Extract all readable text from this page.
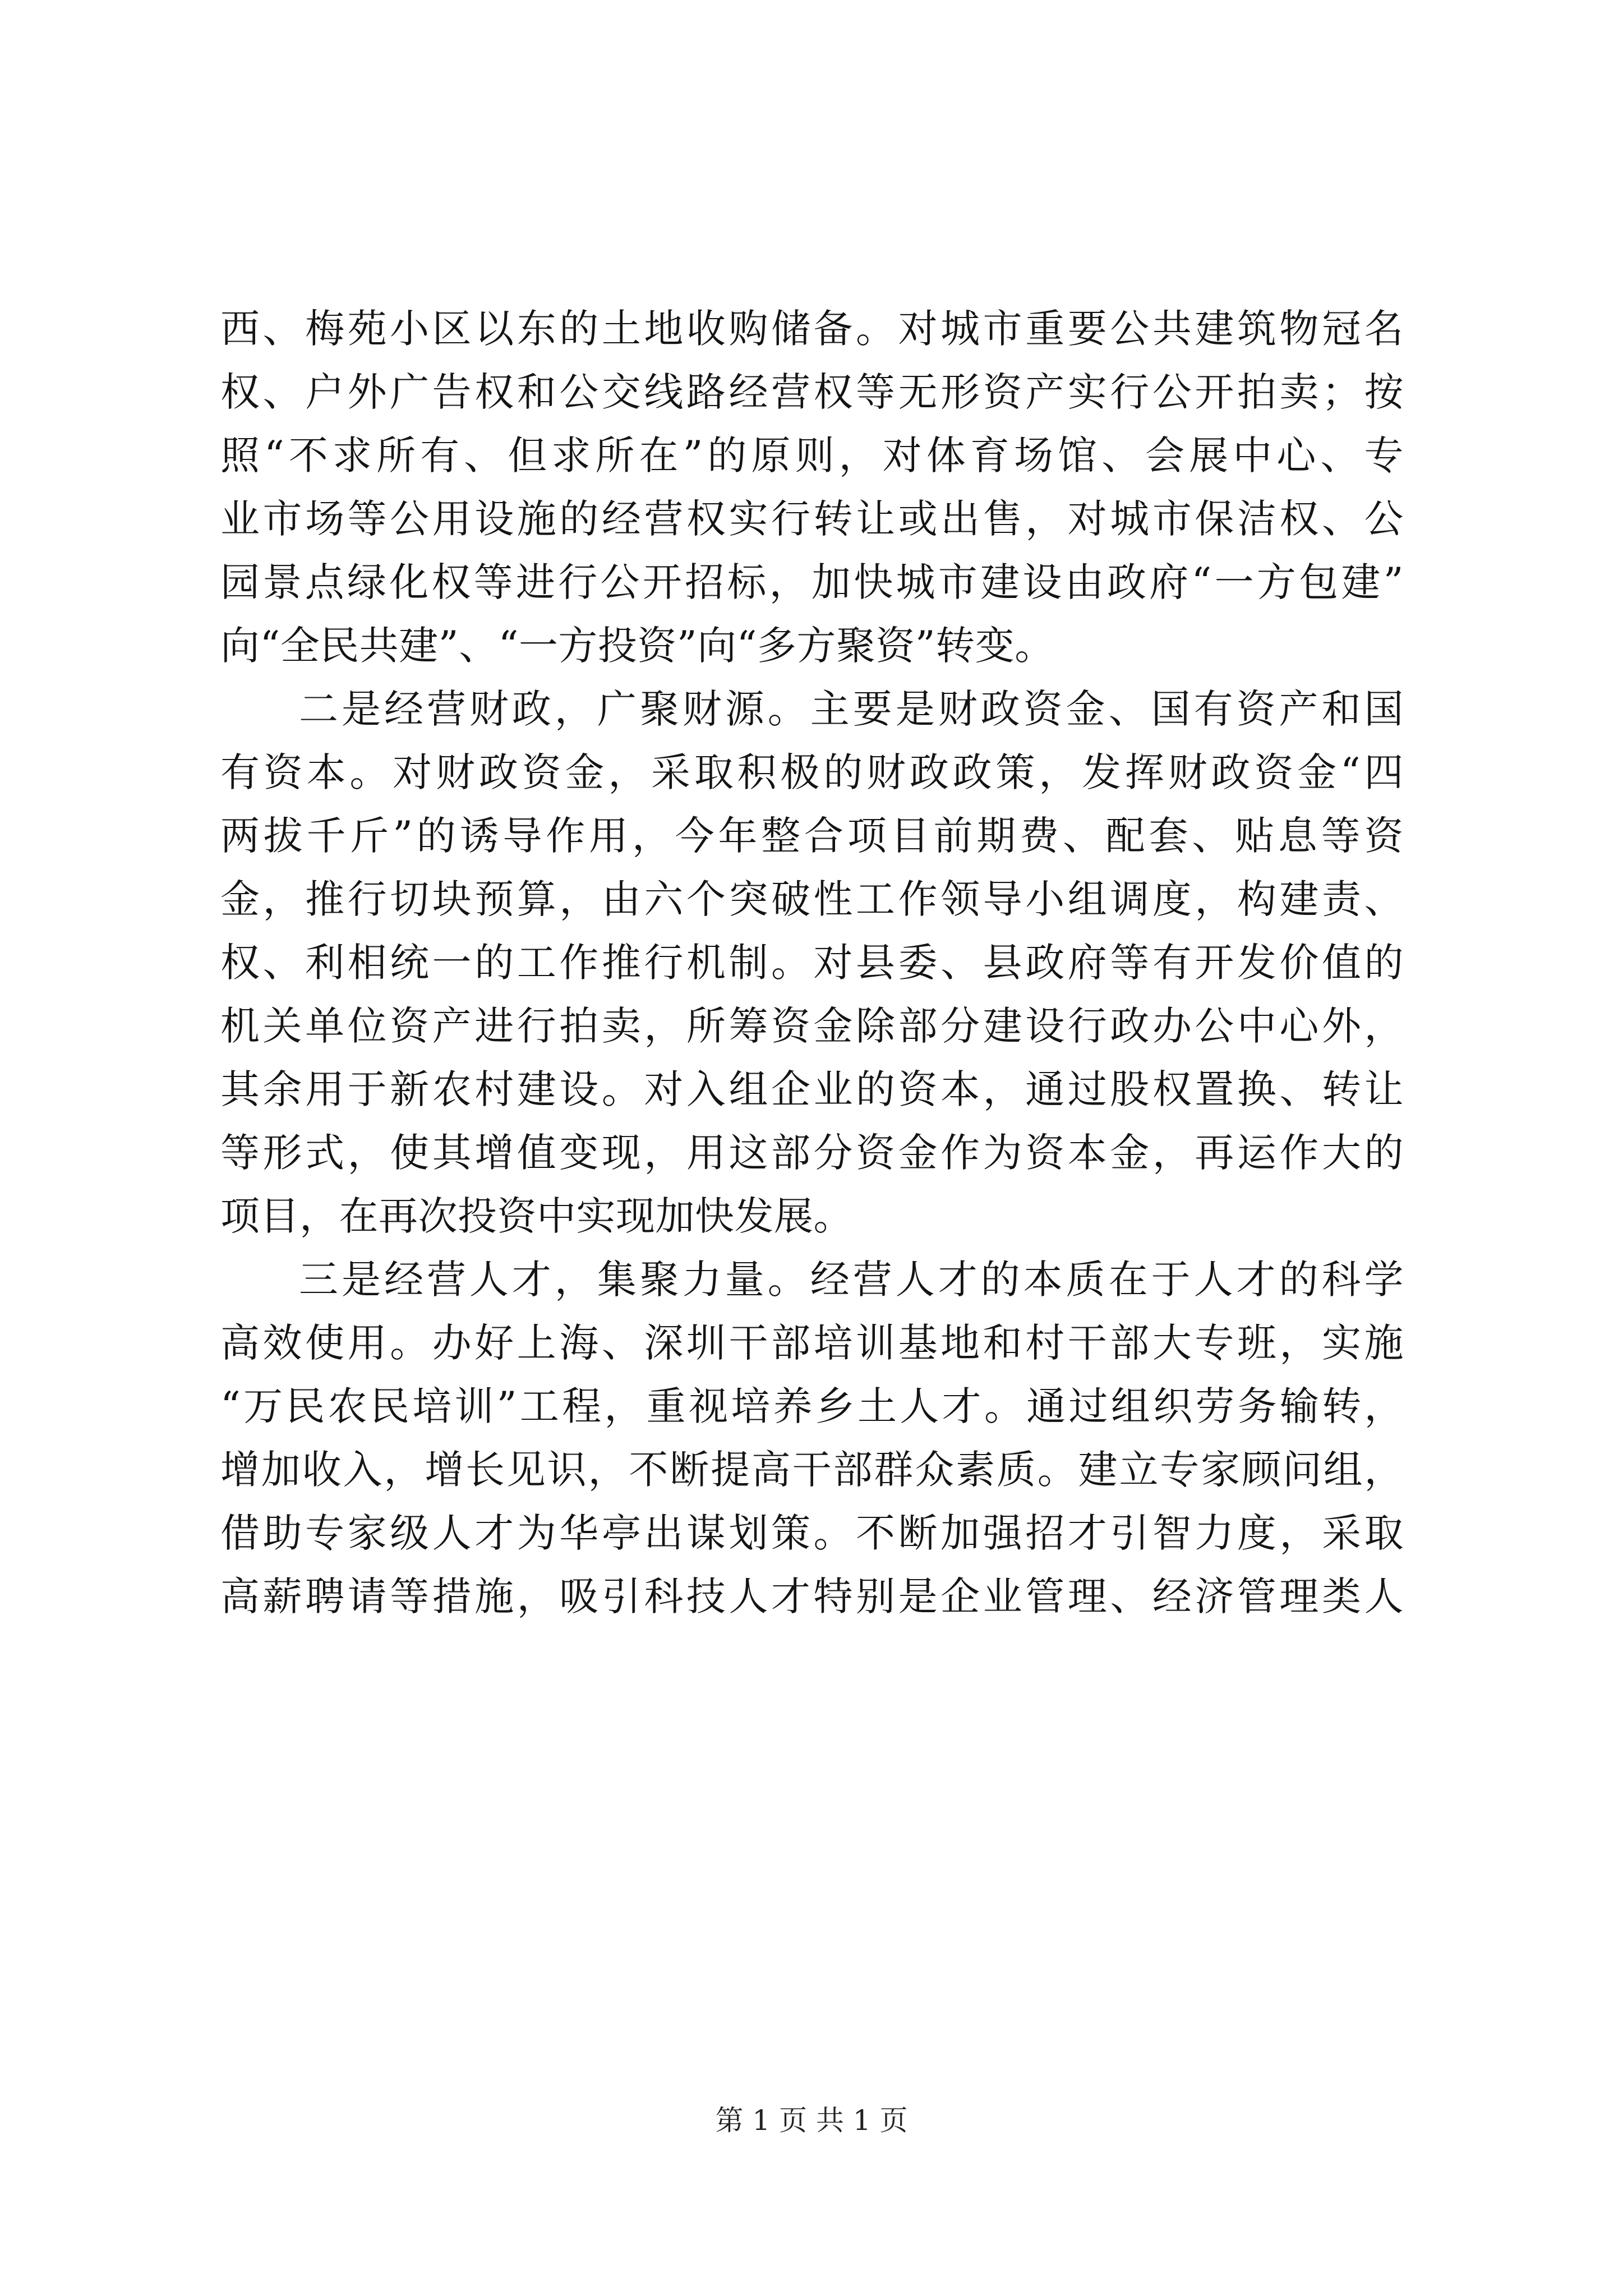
西、梅苑小区以东的土地收购储备。对城市重要公共建筑物冠名
权、户外广告权和公交线路经营权等无形资产实行公开拍卖；按
照“不求所有、但求所在”的原则，对体育场馆、会展中心、专
业市场等公用设施的经营权实行转让或出售，对城市保洁权、公
园景点绿化权等进行公开招标，加快城市建设由政府“一方包建”
向“全民共建”、“一方投资”向“多方聚资”转变。
二是经营财政，广聚财源。主要是财政资金、国有资产和国
有资本。对财政资金，采取积极的财政政策，发挥财政资金“四
两拔千斤”的诱导作用，今年整合项目前期费、配套、贴息等资
金，推行切块预算，由六个突破性工作领导小组调度，构建责、
权、利相统一的工作推行机制。对县委、县政府等有开发价值的
机关单位资产进行拍卖，所筹资金除部分建设行政办公中心外，
其余用于新农村建设。对入组企业的资本，通过股权置换、转让
等形式，使其增值变现，用这部分资金作为资本金，再运作大的
项目，在再次投资中实现加快发展。
三是经营人才，集聚力量。经营人才的本质在于人才的科学
高效使用。办好上海、深圳干部培训基地和村干部大专班，实施
“万民农民培训”工程，重视培养乡土人才。通过组织劳务输转，
增加收入，增长见识，不断提高干部群众素质。建立专家顾问组，
借助专家级人才为华亭出谋划策。不断加强招才引智力度，采取
高薪聘请等措施，吸引科技人才特别是企业管理、经济管理类人
第 1 页 共 1 页
